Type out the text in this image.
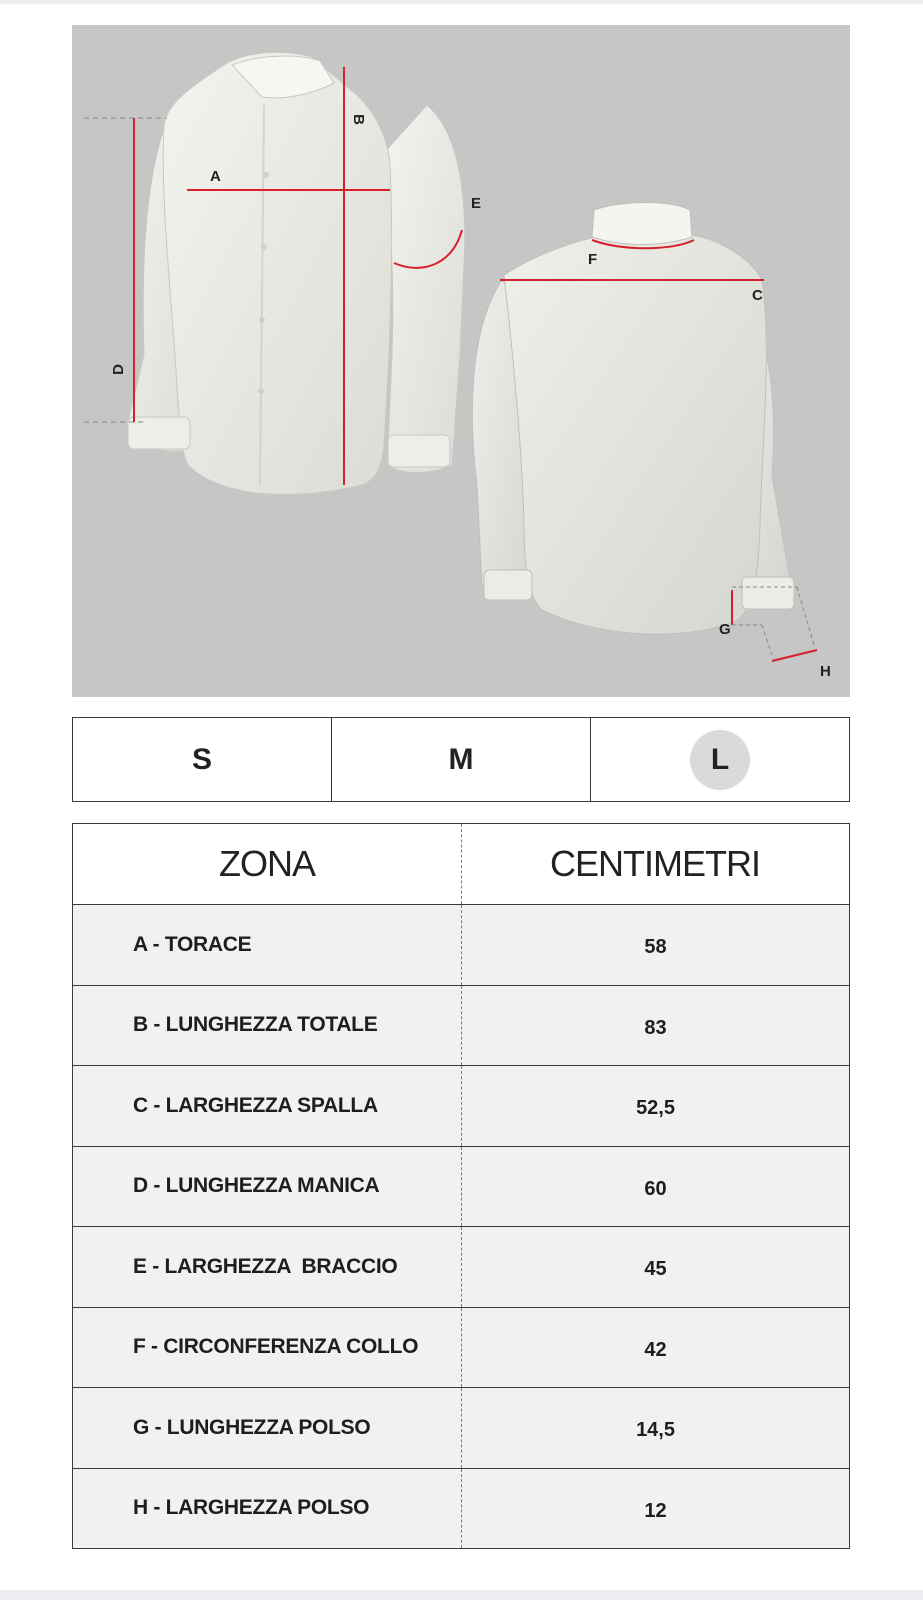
A
B
C
D
E
F
G
H
S	M	L
ZONA	CENTIMETRI
A - TORACE	58
B - LUNGHEZZA TOTALE	83
C - LARGHEZZA SPALLA	52,5
D - LUNGHEZZA MANICA	60
E - LARGHEZZA  BRACCIO	45
F - CIRCONFERENZA COLLO	42
G - LUNGHEZZA POLSO	14,5
H - LARGHEZZA POLSO	12
